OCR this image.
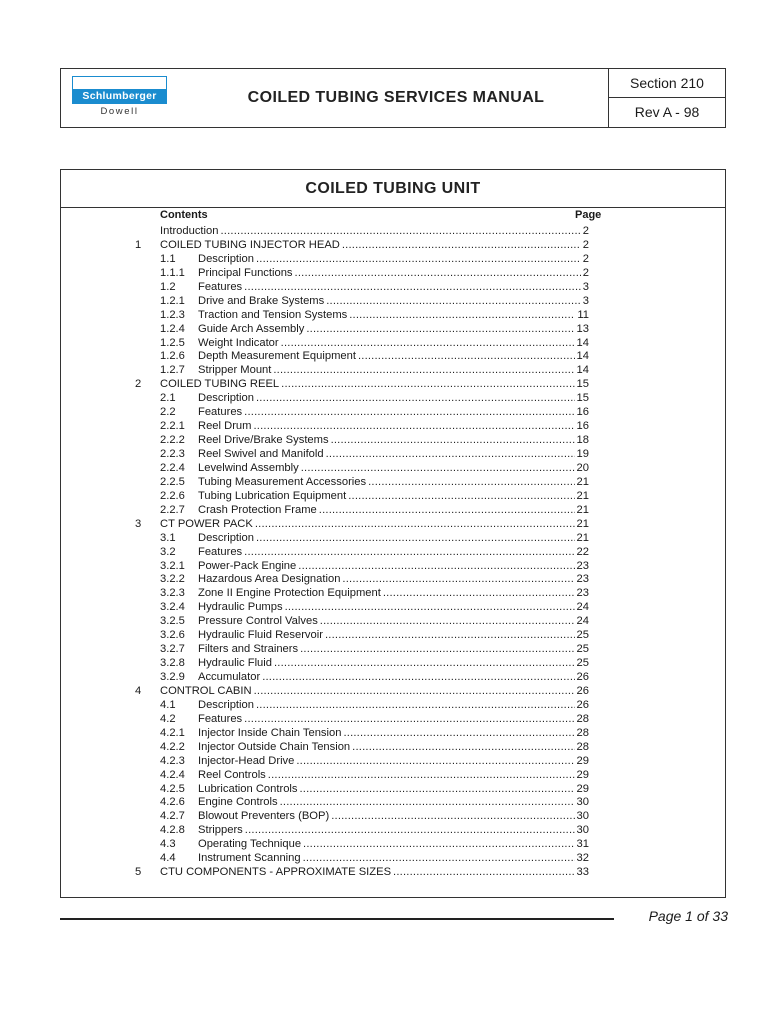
Schlumberger
Dowell
COILED TUBING SERVICES MANUAL
Section 210
Rev A - 98
COILED TUBING UNIT
Contents	Page
Introduction .....	2
1 COILED TUBING INJECTOR HEAD .....	2
1.1 Description .....	2
1.1.1 Principal Functions .....	2
1.2 Features .....	3
1.2.1 Drive and Brake Systems .....	3
1.2.3 Traction and Tension Systems .....	11
1.2.4 Guide Arch Assembly .....	13
1.2.5 Weight Indicator .....	14
1.2.6 Depth Measurement Equipment .....	14
1.2.7 Stripper Mount .....	14
2 COILED TUBING REEL .....	15
2.1 Description .....	15
2.2 Features .....	16
2.2.1 Reel Drum .....	16
2.2.2 Reel Drive/Brake Systems .....	18
2.2.3 Reel Swivel and Manifold .....	19
2.2.4 Levelwind Assembly .....	20
2.2.5 Tubing Measurement Accessories .....	21
2.2.6 Tubing Lubrication Equipment .....	21
2.2.7 Crash Protection Frame .....	21
3 CT POWER PACK .....	21
3.1 Description .....	21
3.2 Features .....	22
3.2.1 Power-Pack Engine .....	23
3.2.2 Hazardous Area Designation .....	23
3.2.3 Zone II Engine Protection Equipment .....	23
3.2.4 Hydraulic Pumps .....	24
3.2.5 Pressure Control Valves .....	24
3.2.6 Hydraulic Fluid Reservoir .....	25
3.2.7 Filters and Strainers .....	25
3.2.8 Hydraulic Fluid .....	25
3.2.9 Accumulator .....	26
4 CONTROL CABIN .....	26
4.1 Description .....	26
4.2 Features .....	28
4.2.1 Injector Inside Chain Tension .....	28
4.2.2 Injector Outside Chain Tension .....	28
4.2.3 Injector-Head Drive .....	29
4.2.4 Reel Controls .....	29
4.2.5 Lubrication Controls .....	29
4.2.6 Engine Controls .....	30
4.2.7 Blowout Preventers (BOP) .....	30
4.2.8 Strippers .....	30
4.3 Operating Technique .....	31
4.4 Instrument Scanning .....	32
5 CTU COMPONENTS - APPROXIMATE SIZES .....	33
Page 1 of 33
